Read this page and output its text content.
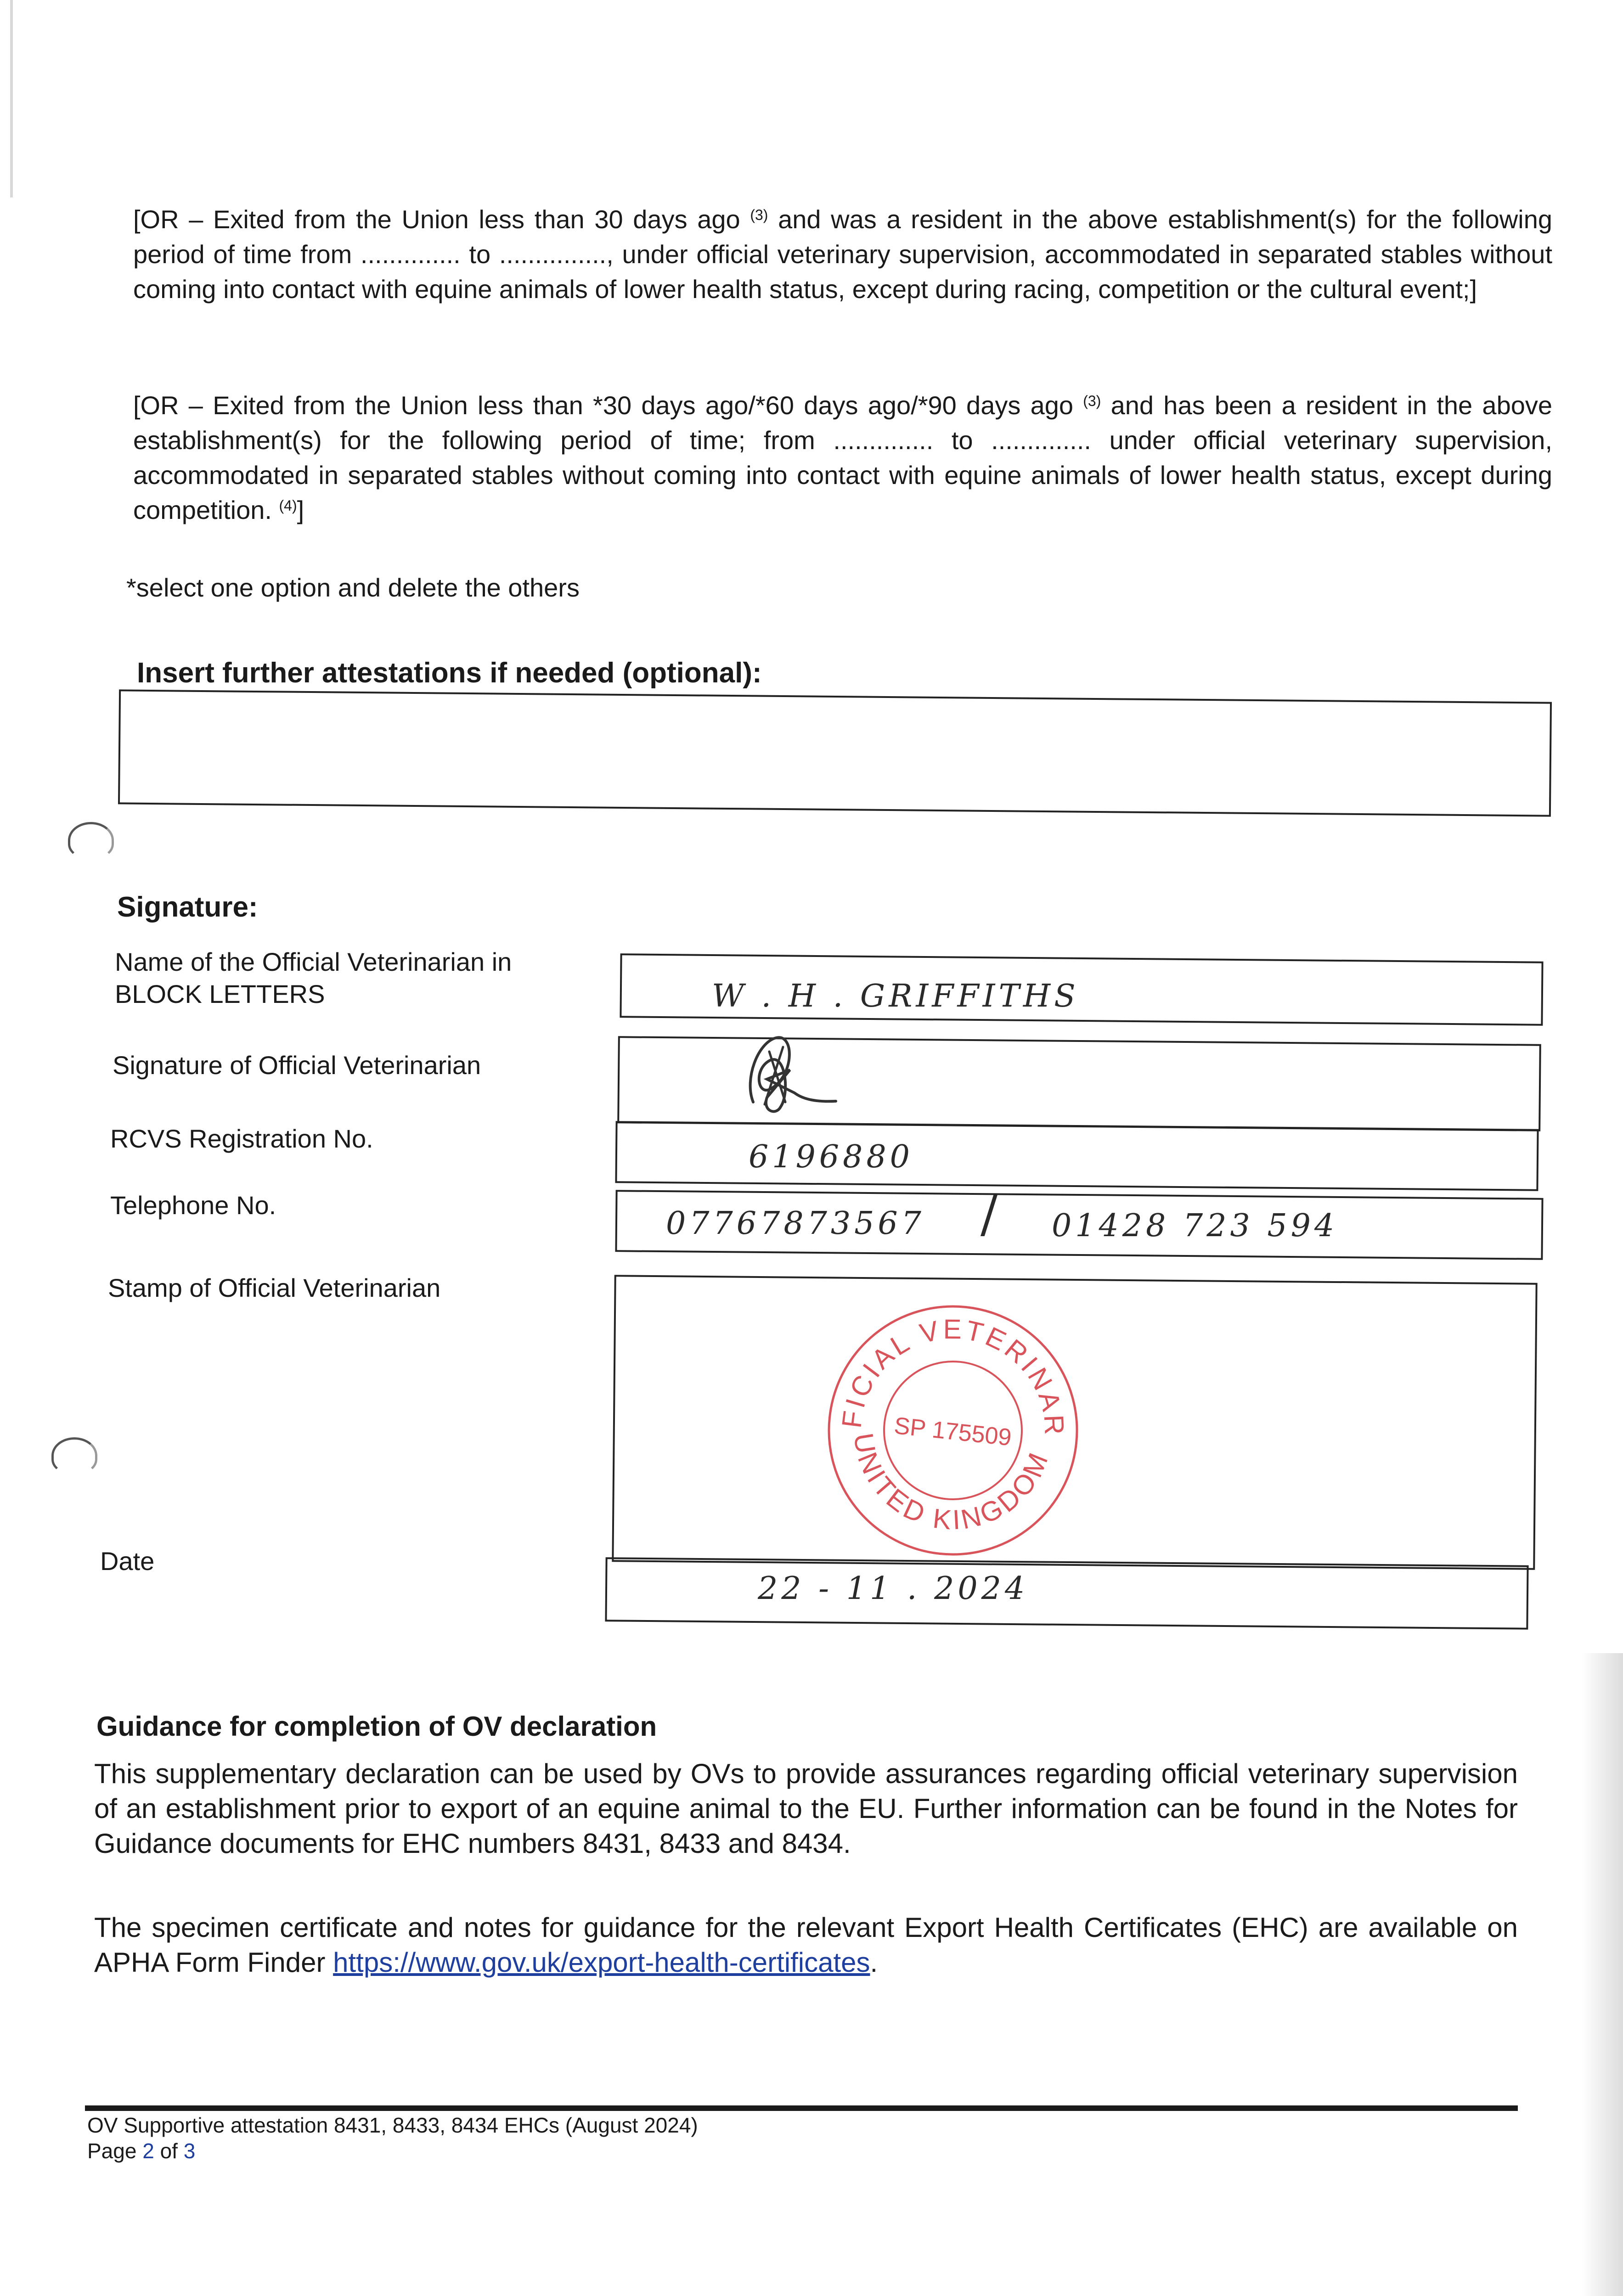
[OR – Exited from the Union less than 30 days ago $^{(3)}$ and was a resident in the above establishment(s) for the following period of time from .............. to ..............., under official veterinary supervision, accommodated in separated stables without coming into contact with equine animals of lower health status, except during racing, competition or the cultural event;]
[OR – Exited from the Union less than *30 days ago/*60 days ago/*90 days ago $^{(3)}$ and has been a resident in the above establishment(s) for the following period of time; from .............. to .............. under official veterinary supervision, accommodated in separated stables without coming into contact with equine animals of lower health status, except during competition. $^{(4)}$]
*select one option and delete the others
Insert further attestations if needed (optional):
Signature:
Name of the Official Veterinarian in BLOCK LETTERS	W . H . GRIFFITHS
Signature of Official Veterinarian
RCVS Registration No.
6196880
Telephone No.
07767873567 / 01428 723 594
Stamp of Official Veterinarian	OFFICIAL VETERINARIAN
UNITED KINGDOM
SP 175509
Date
22 - 11 . 2024
Guidance for completion of OV declaration
This supplementary declaration can be used by OVs to provide assurances regarding official veterinary supervision of an establishment prior to export of an equine animal to the EU. Further information can be found in the Notes for Guidance documents for EHC numbers 8431, 8433 and 8434.
The specimen certificate and notes for guidance for the relevant Export Health Certificates (EHC) are available on APHA Form Finder https://www.gov.uk/export-health-certificates.
OV Supportive attestation 8431, 8433, 8434 EHCs (August 2024)
Page 2 of 3
